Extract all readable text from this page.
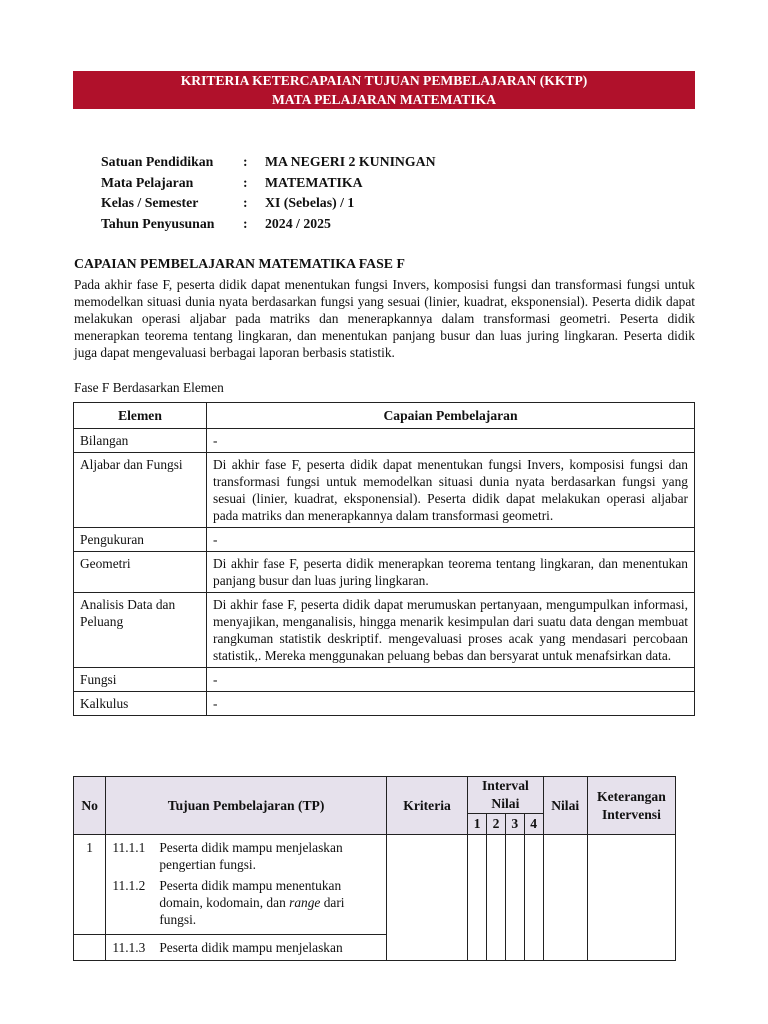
KRITERIA KETERCAPAIAN TUJUAN PEMBELAJARAN (KKTP)
MATA PELAJARAN MATEMATIKA
Satuan Pendidikan	:	MA NEGERI 2 KUNINGAN
Mata Pelajaran	:	MATEMATIKA
Kelas / Semester	:	XI (Sebelas) / 1
Tahun Penyusunan	:	2024 / 2025
CAPAIAN PEMBELAJARAN MATEMATIKA FASE F
Pada akhir fase F, peserta didik dapat menentukan fungsi Invers, komposisi fungsi dan transformasi fungsi untuk memodelkan situasi dunia nyata berdasarkan fungsi yang sesuai (linier, kuadrat, eksponensial). Peserta didik dapat melakukan operasi aljabar pada matriks dan menerapkannya dalam transformasi geometri. Peserta didik menerapkan teorema tentang lingkaran, dan menentukan panjang busur dan luas juring lingkaran. Peserta didik juga dapat mengevaluasi berbagai laporan berbasis statistik.
Fase F Berdasarkan Elemen
Elemen	Capaian Pembelajaran
Bilangan	-
Aljabar dan Fungsi	Di akhir fase F, peserta didik dapat menentukan fungsi Invers, komposisi fungsi dan transformasi fungsi untuk memodelkan situasi dunia nyata berdasarkan fungsi yang sesuai (linier, kuadrat, eksponensial). Peserta didik dapat melakukan operasi aljabar pada matriks dan menerapkannya dalam transformasi geometri.
Pengukuran	-
Geometri	Di akhir fase F, peserta didik menerapkan teorema tentang lingkaran, dan menentukan panjang busur dan luas juring lingkaran.
Analisis Data dan Peluang	Di akhir fase F, peserta didik dapat merumuskan pertanyaan, mengumpulkan informasi, menyajikan, menganalisis, hingga menarik kesimpulan dari suatu data dengan membuat rangkuman statistik deskriptif. mengevaluasi proses acak yang mendasari percobaan statistik,. Mereka menggunakan peluang bebas dan bersyarat untuk menafsirkan data.
Fungsi	-
Kalkulus	-
No	Tujuan Pembelajaran (TP)	Kriteria	Interval Nilai				Nilai	Keterangan Intervensi
			1	2	3	4		
1	11.1.1 Peserta didik mampu menjelaskan pengertian fungsi.
11.1.2 Peserta didik mampu menentukan domain, kodomain, dan range dari fungsi.							

	11.1.3 Peserta didik mampu menjelaskan							
